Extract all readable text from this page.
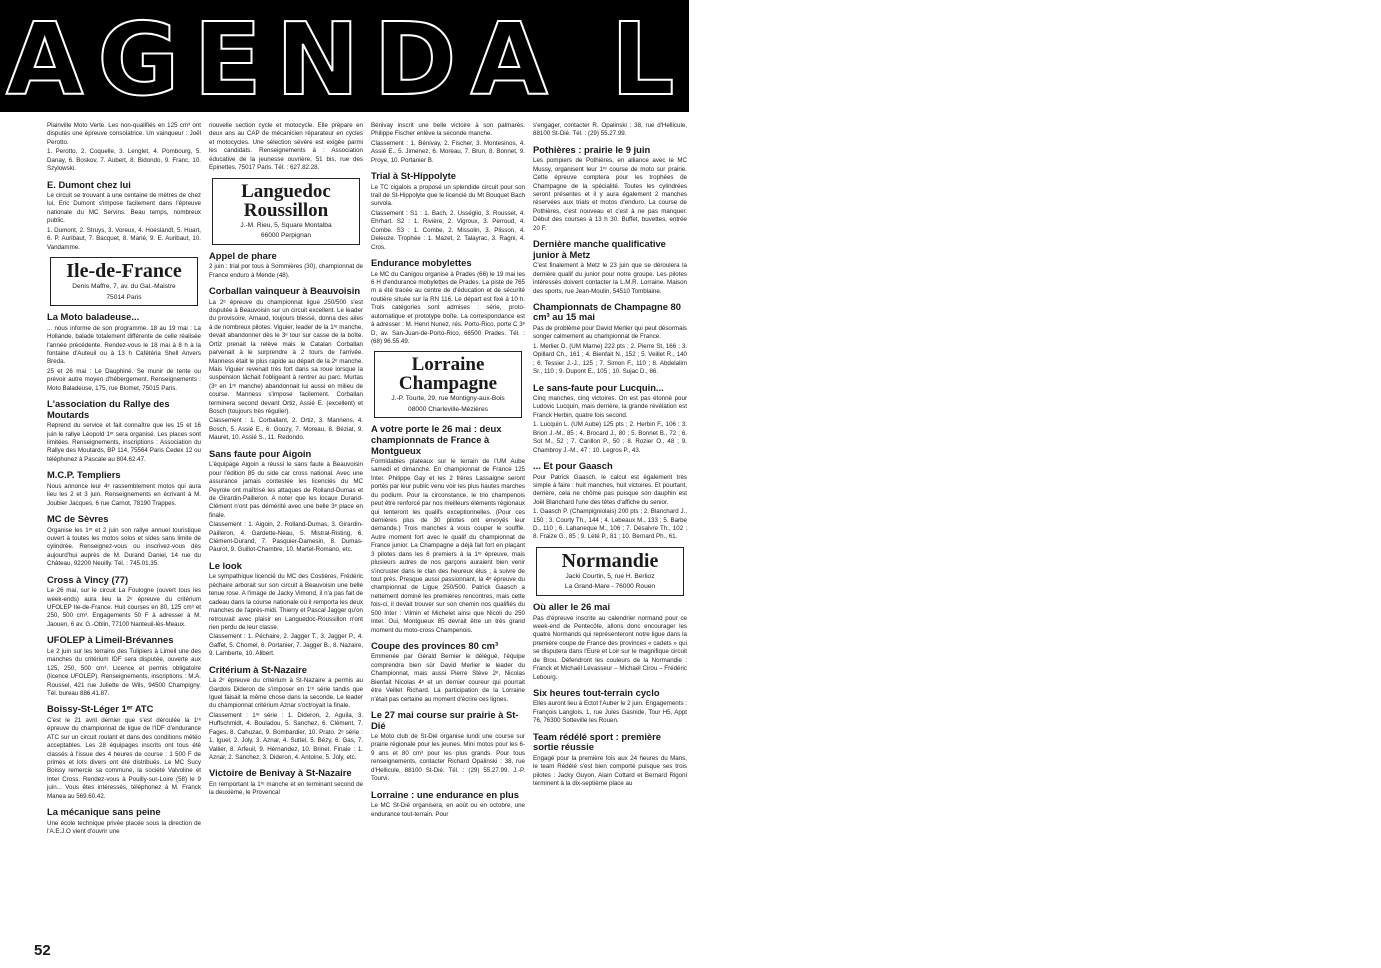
AGENDA LES EGLISE

Plainville Moto Verte. Les non-qualifiés en 125 cm³ ont disputés une épreuve consolatrice. Un vainqueur : Joël Perotto.

1. Perotto, 2. Coquelle, 3. Lenglet, 4. Pombourg, 5. Danay, 6. Boskov, 7. Aubert, 8. Bidondo, 9. Franc, 10. Szylowski.

E. Dumont chez lui

Le circuit se trouvant à une centaine de mètres de chez lui, Eric Dumont s'impose facilement dans l'épreuve nationale du MC Servins. Beau temps, nombreux public.

1. Dumont, 2. Struys, 3. Voreux, 4. Hoeslandt, 5. Huart, 6. P. Auribaut, 7. Bacquet, 8. Marié, 9. E. Auribaut, 10. Vandamme.

Ile-de-France
Denis Maffre, 7, av. du Gal.-Maistre
75014 Paris
La Moto baladeuse...

... nous informe de son programme. 18 au 19 mai : La Hollande, balade totalement différente de celle réalisée l'année précédente. Rendez-vous le 18 mai à 8 h à la fontaine d'Auteuil ou à 13 h Cafétéria Shell Anvers Breda.

25 et 26 mai : Le Dauphiné. Se munir de tente ou prévoir autre moyen d'hébergement. Renseignements : Moto Baladeuse, 175, rue Blomet, 75015 Paris.

L'association du Rallye des Moutards

Reprend du service et fait connaître que les 15 et 16 juin le rallye Léopold 1ᵉʳ sera organisé. Les places sont limitées. Renseignements, inscriptions : Association du Rallye des Moutards, BP 114, 75564 Paris Cedex 12 ou téléphonez à Pascale au 804.62.47.

M.C.P. Templiers

Nous annonce leur 4ᵉ rassemblement motos qui aura lieu les 2 et 3 juin. Renseignements en écrivant à M. Joubier Jacques, 6 rue Carnot, 78190 Trappes.

MC de Sèvres

Organise les 1ᵉʳ et 2 juin son rallye annuel touristique ouvert à toutes les motos solos et sides sans limite de cylindrée. Renseignez-vous ou inscrivez-vous dès aujourd'hui auprès de M. Durand Daniel, 14 rue du Château, 92200 Neuilly. Tél. : 745.01.35.

Cross à Vincy (77)

Le 26 mai, sur le circuit La Foulogne (ouvert tous les week-ends) aura lieu la 2ᵉ épreuve du critérium UFOLEP Ile-de-France. Huit courses en 80, 125 cm³ et 250, 500 cm³. Engagements 50 F à adresser à M. Jaouen, 6 av. G.-Oblin, 77100 Nanteuil-lès-Meaux.

UFOLEP à Limeil-Brévannes

Le 2 juin sur les terrains des Tulipiers à Limeil une des manches du critérium IDF sera disputée, ouverte aux 125, 250, 500 cm³. Licence et permis obligatoire (licence UFOLEP). Renseignements, inscriptions : M.A. Roussel, 421 rue Juliette de Wils, 94500 Champigny. Tél. bureau 886.41.87.

Boissy-St-Léger 1ᵉʳ ATC

C'est le 21 avril dernier que s'est déroulée la 1ʳᵉ épreuve du championnat de ligue de l'IDF d'endurance ATC sur un circuit roulant et dans des conditions météo acceptables. Les 28 équipages inscrits ont tous été classés à l'issue des 4 heures de course : 1 500 F de primes et lots divers ont été distribués. Le MC Sucy Boissy remercie sa commune, la société Valvoline et Inter Cross. Rendez-vous à Pouilly-sur-Loire (58) le 9 juin... Vous êtes intéressés, téléphonez à M. Franck Manea au 569.60.42.

La mécanique sans peine

Une école technique privée placée sous la direction de l'A.E.J.O vient d'ouvrir une

nouvelle section cycle et motocycle. Elle prépare en deux ans au CAP de mécanicien réparateur en cycles et motocycles. Une sélection sévère est exigée parmi les candidats. Renseignements à : Association éducative de la jeunesse ouvrière, 51 bis, rue des Epinettes, 75017 Paris. Tél. : 627.82.28.

Languedoc
Roussillon
J.-M. Rieu, 5, Square Montalba
66000 Perpignan
Appel de phare

2 juin : trial por tous à Sommières (30), championnat de France enduro à Mende (48).

Corballan vainqueur à Beauvoisin

La 2ᵉ épreuve du championnat ligue 250/500 s'est disputée à Beauvoisin sur un circuit excellent. Le leader du provisoire, Arnaud, toujours blessé, donna des ailes à de nombreux pilotes. Viguier, leader de la 1ʳᵉ manche, devait abandonner dès le 3ᵉ tour sur casse de la boîte. Ortiz prenait la relève mais le Catalan Corballan parvenait à le surprendre à 2 tours de l'arrivée. Manness était le plus rapide au départ de la 2ᵉ manche. Mais Viguier revenait très fort dans sa roue lorsque la suspension lâchait l'obligeant à rentrer au parc. Murtas (3ᵉ en 1ʳᵉ manche) abandonnait lui aussi en milieu de course. Manness s'impose facilement. Corballan terminera second devant Ortiz, Assié E. (excellent) et Bosch (toujours très régulier).

Classement : 1. Corballant, 2. Ortiz, 3. Mannens, 4. Bosch, 5. Assié E., 6. Gouzy, 7. Moreau, 8. Béziat, 9. Mauret, 10. Assié S., 11. Redondo.

Sans faute pour Aigoin

L'équipage Aigoin a réussi le sans faute à Beauvoisin pour l'édition 85 du side car cross national. Avec une assurance jamais contestée les licenciés du MC Peyrole ont maîtrisé les attaques de Rolland-Dumas et de Girardin-Pailleron. A noter que les locaux Durand-Clément n'ont pas démérité avec une belle 3ᵉ place en finale.

Classement : 1. Aigoin, 2. Rolland-Dumas, 3. Girardin-Pailleron, 4. Gardette-Neau, 5. Mistral-Risting, 6. Clément-Durand, 7. Pasquier-Damesin, 8. Dumas-Paurot, 9. Guillot-Chambre, 10. Martel-Romano, etc.

Le look

Le sympathique licencié du MC des Costières, Frédéric péchaire arborait sur son circuit à Beauvoisin une belle tenue rose. A l'image de Jacky Vimond, il n'a pas fait de cadeau dans la course nationale où il remporta les deux manches de l'après-midi. Thierry et Pascal Jagger qu'on retrouvait avec plaisir en Languedoc-Roussillon n'ont rien perdu de leur classe.

Classement : 1. Péchaire, 2. Jagger T., 3. Jagger P., 4. Gaffet, 5. Chomel, 6. Portanier, 7. Jagger B., 8. Nazaire, 9. Lamberte, 10. Alibert.

Critérium à St-Nazaire

La 2ᵉ épreuve du critérium à St-Nazaire a permis au Gardois Dideron de s'imposer en 1ʳᵉ série tandis que Iguel faisait la même chose dans la seconde. Le leader du championnat critérium Aznar s'octroyait la finale.

Classement : 1ʳᵉ série : 1. Dideron, 2. Aguila, 3. Huffschmidt, 4. Bouladou, 5. Sanchez, 6. Clément, 7. Fages, 8. Cahuzac, 9. Bombardier, 10. Prato. 2ᵉ série : 1. Iguel, 2. Joly, 3. Aznar, 4. Suttel, 5. Bézy, 6. Gas, 7. Vallier, 8. Arfeuil, 9. Hérnandez, 10. Brinet. Finale : 1. Aznar, 2. Sanchez, 3. Dideron, 4. Antoine, 5. Joly, etc.

Victoire de Benivay à St-Nazaire

En remportant la 1ʳᵉ manche et en terminant second de la deuxième, le Provencal

Bénivay inscrit une belle victoire à son palmarès. Philippe Fischer enlève la seconde manche.

Classement : 1. Bénivay, 2. Fischer, 3. Montesinos, 4. Assié E., 5. Jimenez, 6. Moreau, 7. Brun, 8. Bonnet, 9. Proye, 10. Portanier B.

Trial à St-Hippolyte

Le TC cigalois a proposé un splendide circuit pour son trail de St-Hippolyte que le licencié du Mt Bouquet Bach survola.

Classement : S1 : 1. Bach, 2. Usséglio, 3. Rousset, 4. Ehrhart. S2 : 1. Rivière, 2. Vigroux, 3. Perroud, 4. Combe. S3 : 1. Combe, 2. Missolin, 3. Plisson, 4. Deleuze. Trophée : 1. Mazet, 2. Talayrac, 3. Ragni, 4. Cros.

Endurance mobylettes

Le MC du Canigou organise à Prades (66) le 19 mai les 6 H d'endurance mobylettes de Prades. La piste de 765 m a été tracée au centre de d'éducation et de sécurité routière située sur la RN 116. Le départ est fixé à 10 h. Trois catégories sont admises : série, proto-automatique et prototype boîte. La correspondance est à adresser : M. Henri Nunez, rés. Porto-Rico, porte C 3ᵉ D, av. San-Juan-de-Porto-Rico, 66500 Prades. Tél. : (68) 96.55.49.

Lorraine
Champagne
J.-P. Tourte, 29, rue Montigny-aux-Bois
08000 Charleville-Mézières
A votre porte le 26 mai : deux championnats de France à Montgueux

Formidables plateaux sur le terrain de l'UM Aube samedi et dimanche. En championnat de France 125 Inter. Philippe Gay et les 2 frères Lassaigne seront portés par leur public venu voir les plus hautes marches du podium. Pour la circonstance, le trio champenois peut être renforcé par nos meilleurs éléments régionaux qui tenteront les qualifs exceptionnelles. (Pour ces dernières plus de 30 pilotes ont envoyés leur demande.) Trois manches à vous couper le souffle. Autre moment fort avec le qualif du championnat de France junior. La Champagne a déjà fait fort en plaçant 3 pilotes dans les 6 premiers à la 1ʳᵉ épreuve, mais plusieurs autres de nos garçons auraient bien venir s'incruster dans le clan des heureux élus ; à suivre de tout près. Presque aussi passionnant, la 4ᵉ épreuve du championnat de Ligue 250/500. Patrick Gaasch a nettement dominé les premières rencontres, mais cette fois-ci, il devait trouver sur son chemin nos qualifiés du 500 Inter : Vilmin et Michelet ainsi que Nicoli du 250 Inter. Oui, Montgueux 85 devrait être un très grand moment du moto-cross Champenois.

Coupe des provinces 80 cm³

Emmenée par Gérald Bernier le délégué, l'équipe comprendra bien sûr David Merlier le leader du Championnat, mais aussi Pierre Stève 2ᵉ, Nicolas Bienfait Nicolas 4ᵉ et un dernier coureur qui pourrait être Veillet Richard. La participation de la Lorraine n'était pas certaine au moment d'écrire ces lignes.

Le 27 mai course sur prairie à St-Dié

Le Moto club de St-Dié organise lundi une course sur prairie régionale pour les jeunes. Mini motos pour les 6-9 ans et 80 cm³ pour les plus grands. Pour tous renseignements, contacter Richard Opalinski : 38, rue d'Hellicule, 88100 St-Dié. Tél. : (29) 55.27.99. J.-P. Tourvi.

Lorraine : une endurance en plus

Le MC St-Dié organisera, en août ou en octobre, une endurance tout-terrain. Pour

s'engager, contacter R. Opalinski : 38, rue d'Hellicule, 88100 St-Dié. Tél. : (29) 55.27.99.

Pothières : prairie le 9 juin

Les pompiers de Pothières, en alliance avec le MC Mussy, organisent leur 1ʳᵉ course de moto sur prairie. Cette épreuve comptera pour les trophées de Champagne de la spécialité. Toutes les cylindrées seront présentes et il y aura également 2 manches réservées aux trials et motos d'enduro. La course de Pothières, c'est nouveau et c'est à ne pas manquer. Début des courses à 13 h 30. Buffet, buvettes, entrée 20 F.

Dernière manche qualificative junior à Metz

C'est finalement à Metz le 23 juin que se déroulera la dernière qualif du junior pour notre groupe. Les pilotes intéressés doivent contacter la L.M.R. Lorraine. Maison des sports, rue Jean-Moulin, 54510 Tomblaine.

Championnats de Champagne 80 cm³ au 15 mai

Pas de problème pour David Merlier qui peut désormais songer calmement au championnat de France.

1. Merlier D. (UM Marne) 222 pts ; 2. Pierre St, 166 ; 3. Opillard Ch., 161 ; 4. Bienfait N., 152 ; 5. Veillet R., 140 ; 6. Tessier J.-J., 125 ; 7. Simon F., 110 ; 8. Abdelalim Sr., 110 ; 9. Dupont E., 105 ; 10. Sujac D., 86.

Le sans-faute pour Lucquin...

Cinq manches, cinq victoires. On est pas étonné pour Ludovic Lucquin, mais derrière, la grande révélation est Franck Herbin, quatre fois second.

1. Lucquin L. (UM Aube) 125 pts ; 2. Herbin F., 106 ; 3. Brion J.-M., 85 ; 4. Brocard J., 80 ; 5. Bonnet B., 72 ; 6. Sot M., 52 ; 7. Carillon P., 50 ; 8. Rozier O., 48 ; 9. Chambroy J.-M., 47 ; 10. Legros P., 43.

... Et pour Gaasch

Pour Patrick Gaasch, le calcul est également très simple à faire : huit manches, huit victoires. Et pourtant, derrière, cela ne chôme pas puisque son dauphin est Joël Blanchard l'une des têtes d'affiche du senior.

1. Gaasch P. (Champigniolais) 200 pts ; 2. Blanchard J., 150 ; 3. Courty Th., 144 ; 4. Lebeaux M., 133 ; 5. Barbe D., 110 ; 6. Lahaneque M., 106 ; 7. Désaivre Th., 102 ; 8. Fraize G., 85 ; 9. Lété P., 81 ; 10. Bernard Ph., 61.

Normandie
Jacki Courtin, 5, rue H. Berlioz
La Grand-Mare - 76000 Rouen
Où aller le 26 mai

Pas d'épreuve inscrite au calendrier normand pour ce week-end de Pentecôte, allons donc encourager les quatre Normands qui représenteront notre ligue dans la première coupe de France des provinces « cadets » qui se disputera dans l'Eure et Loir sur le magnifique circuit de Brou. Défendront les couleurs de la Normandie : Franck et Michaël Levasseur – Michaël Cirou – Frédéric Lebourg.

Six heures tout-terrain cyclo

Elles auront lieu à Ectot l'Auber le 2 juin. Engagements : François Langlois, 1, rue Jules Gasnide, Tour H5, Appt 76, 76300 Sotteville les Rouen.

Team rédélé sport : première sortie réussie

Engagé pour la première fois aux 24 heures du Mans, le team Rédélé s'est bien comporté puisque ses trois pilotes : Jacky Guyon, Alain Cottard et Bernard Rigoni terminent à la dix-septième place au

52
